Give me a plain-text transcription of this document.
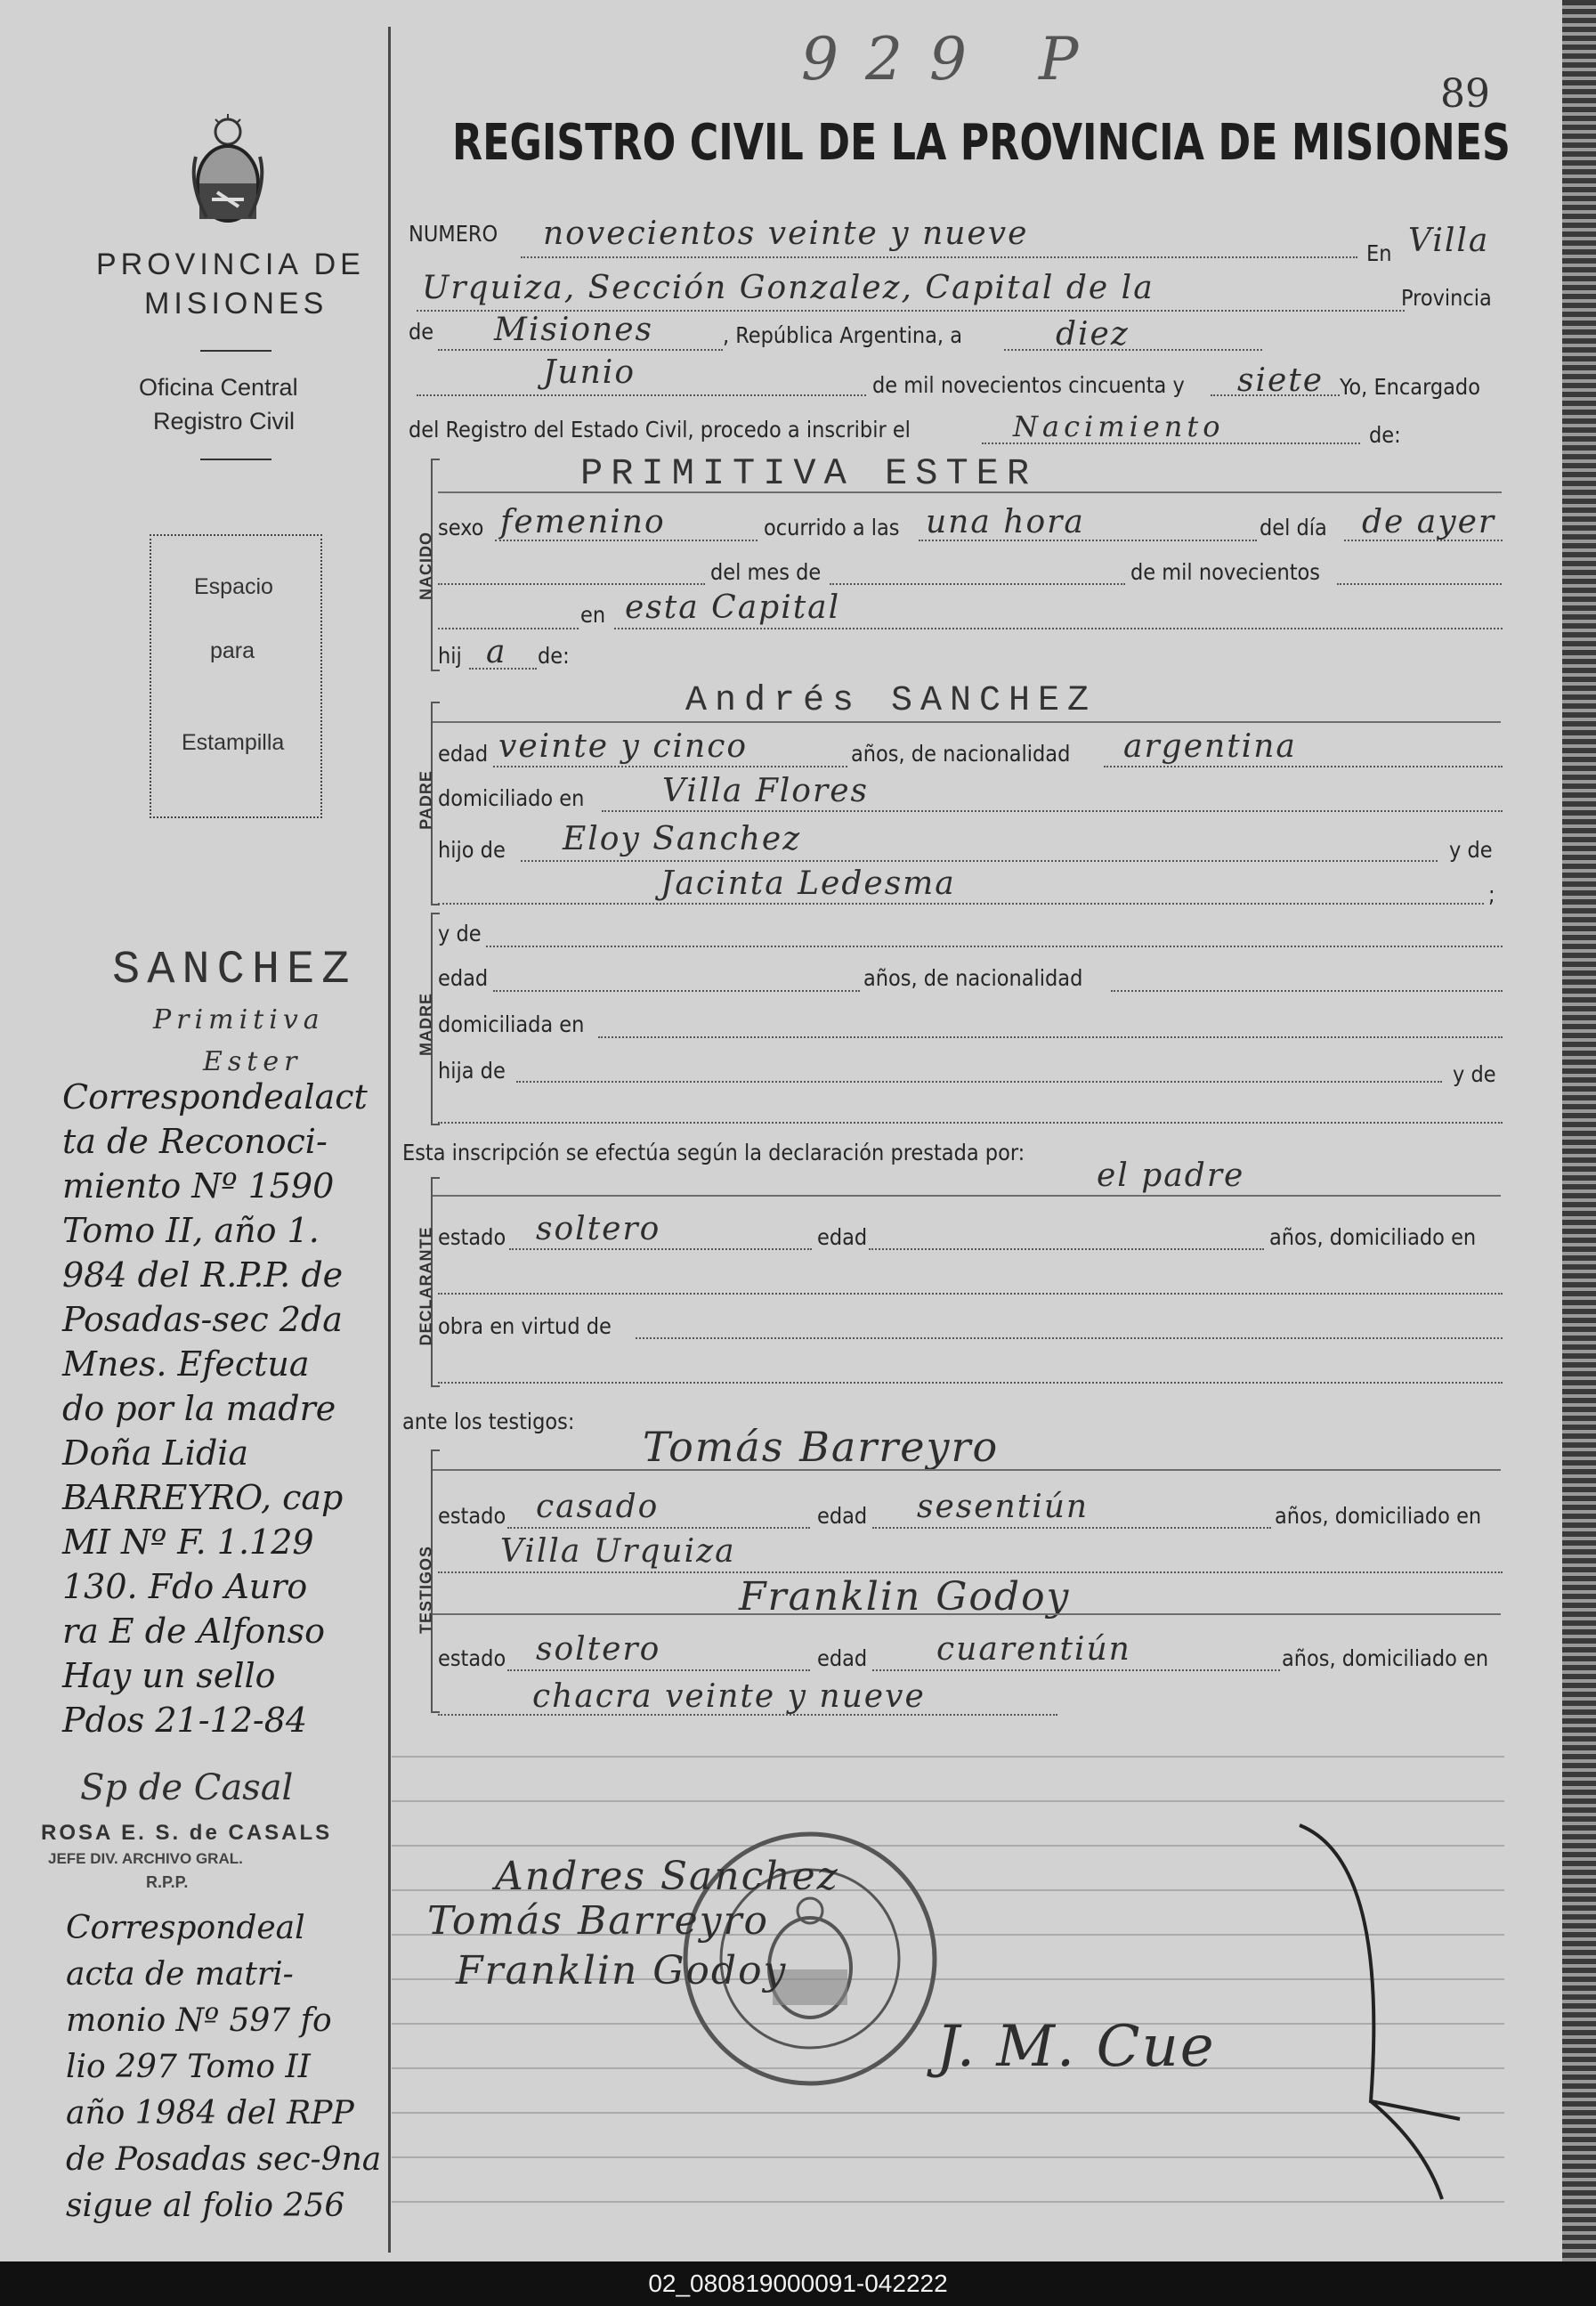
929 P
89
PROVINCIA DE
MISIONES
Oficina Central
Registro Civil
Espacio
para
Estampilla
SANCHEZ
Primitiva
Ester
Correspondealact
ta de Reconoci-
miento Nº 1590
Tomo II, año 1.
984 del R.P.P. de
Posadas-sec 2da
Mnes. Efectua
do por la madre
Doña Lidia
BARREYRO, cap
MI Nº F. 1.129
130. Fdo Auro
ra E de Alfonso
Hay un sello
Pdos 21-12-84
Sp de Casal
ROSA E. S. de CASALS
JEFE DIV. ARCHIVO GRAL.
R.P.P.
Correspondeal
acta de matri-
monio Nº 597 fo
lio 297 Tomo II
año 1984 del RPP
de Posadas sec-9na
sigue al folio 256
REGISTRO CIVIL DE LA PROVINCIA DE MISIONES
NUMERO novecientos veinte y nueve
En Villa
Urquiza, Sección Gonzalez, Capital de la	Provincia
de Misiones	, República Argentina, a	diez
Junio	de mil novecientos cincuenta y siete Yo, Encargado
del Registro del Estado Civil, procedo a inscribir el	Nacimiento	de:
NACIDO
PRIMITIVA ESTER
sexo femenino	ocurrido a las una hora	del día de ayer
del mes de	de mil novecientos
en esta Capital
hij a de:
Andrés SANCHEZ
PADRE
edad veinte y cinco	años, de nacionalidad argentina
domiciliado en Villa Flores
hijo de Eloy Sanchez	y de
Jacinta Ledesma	;
MADRE
y de
edad	años, de nacionalidad
domiciliada en
hija de	y de
Esta inscripción se efectúa según la declaración prestada por:
el padre
DECLARANTE estado soltero	edad	años, domiciliado en
obra en virtud de
ante los testigos:
Tomás Barreyro
TESTIGOS
estado casado	edad sesentiún	años, domiciliado en
Villa Urquiza
Franklin Godoy
estado soltero	edad cuarentiún	años, domiciliado en
chacra veinte y nueve
Andres Sanchez
Tomás Barreyro
Franklin Godoy
J. M. Cue
02_080819000091-042222
